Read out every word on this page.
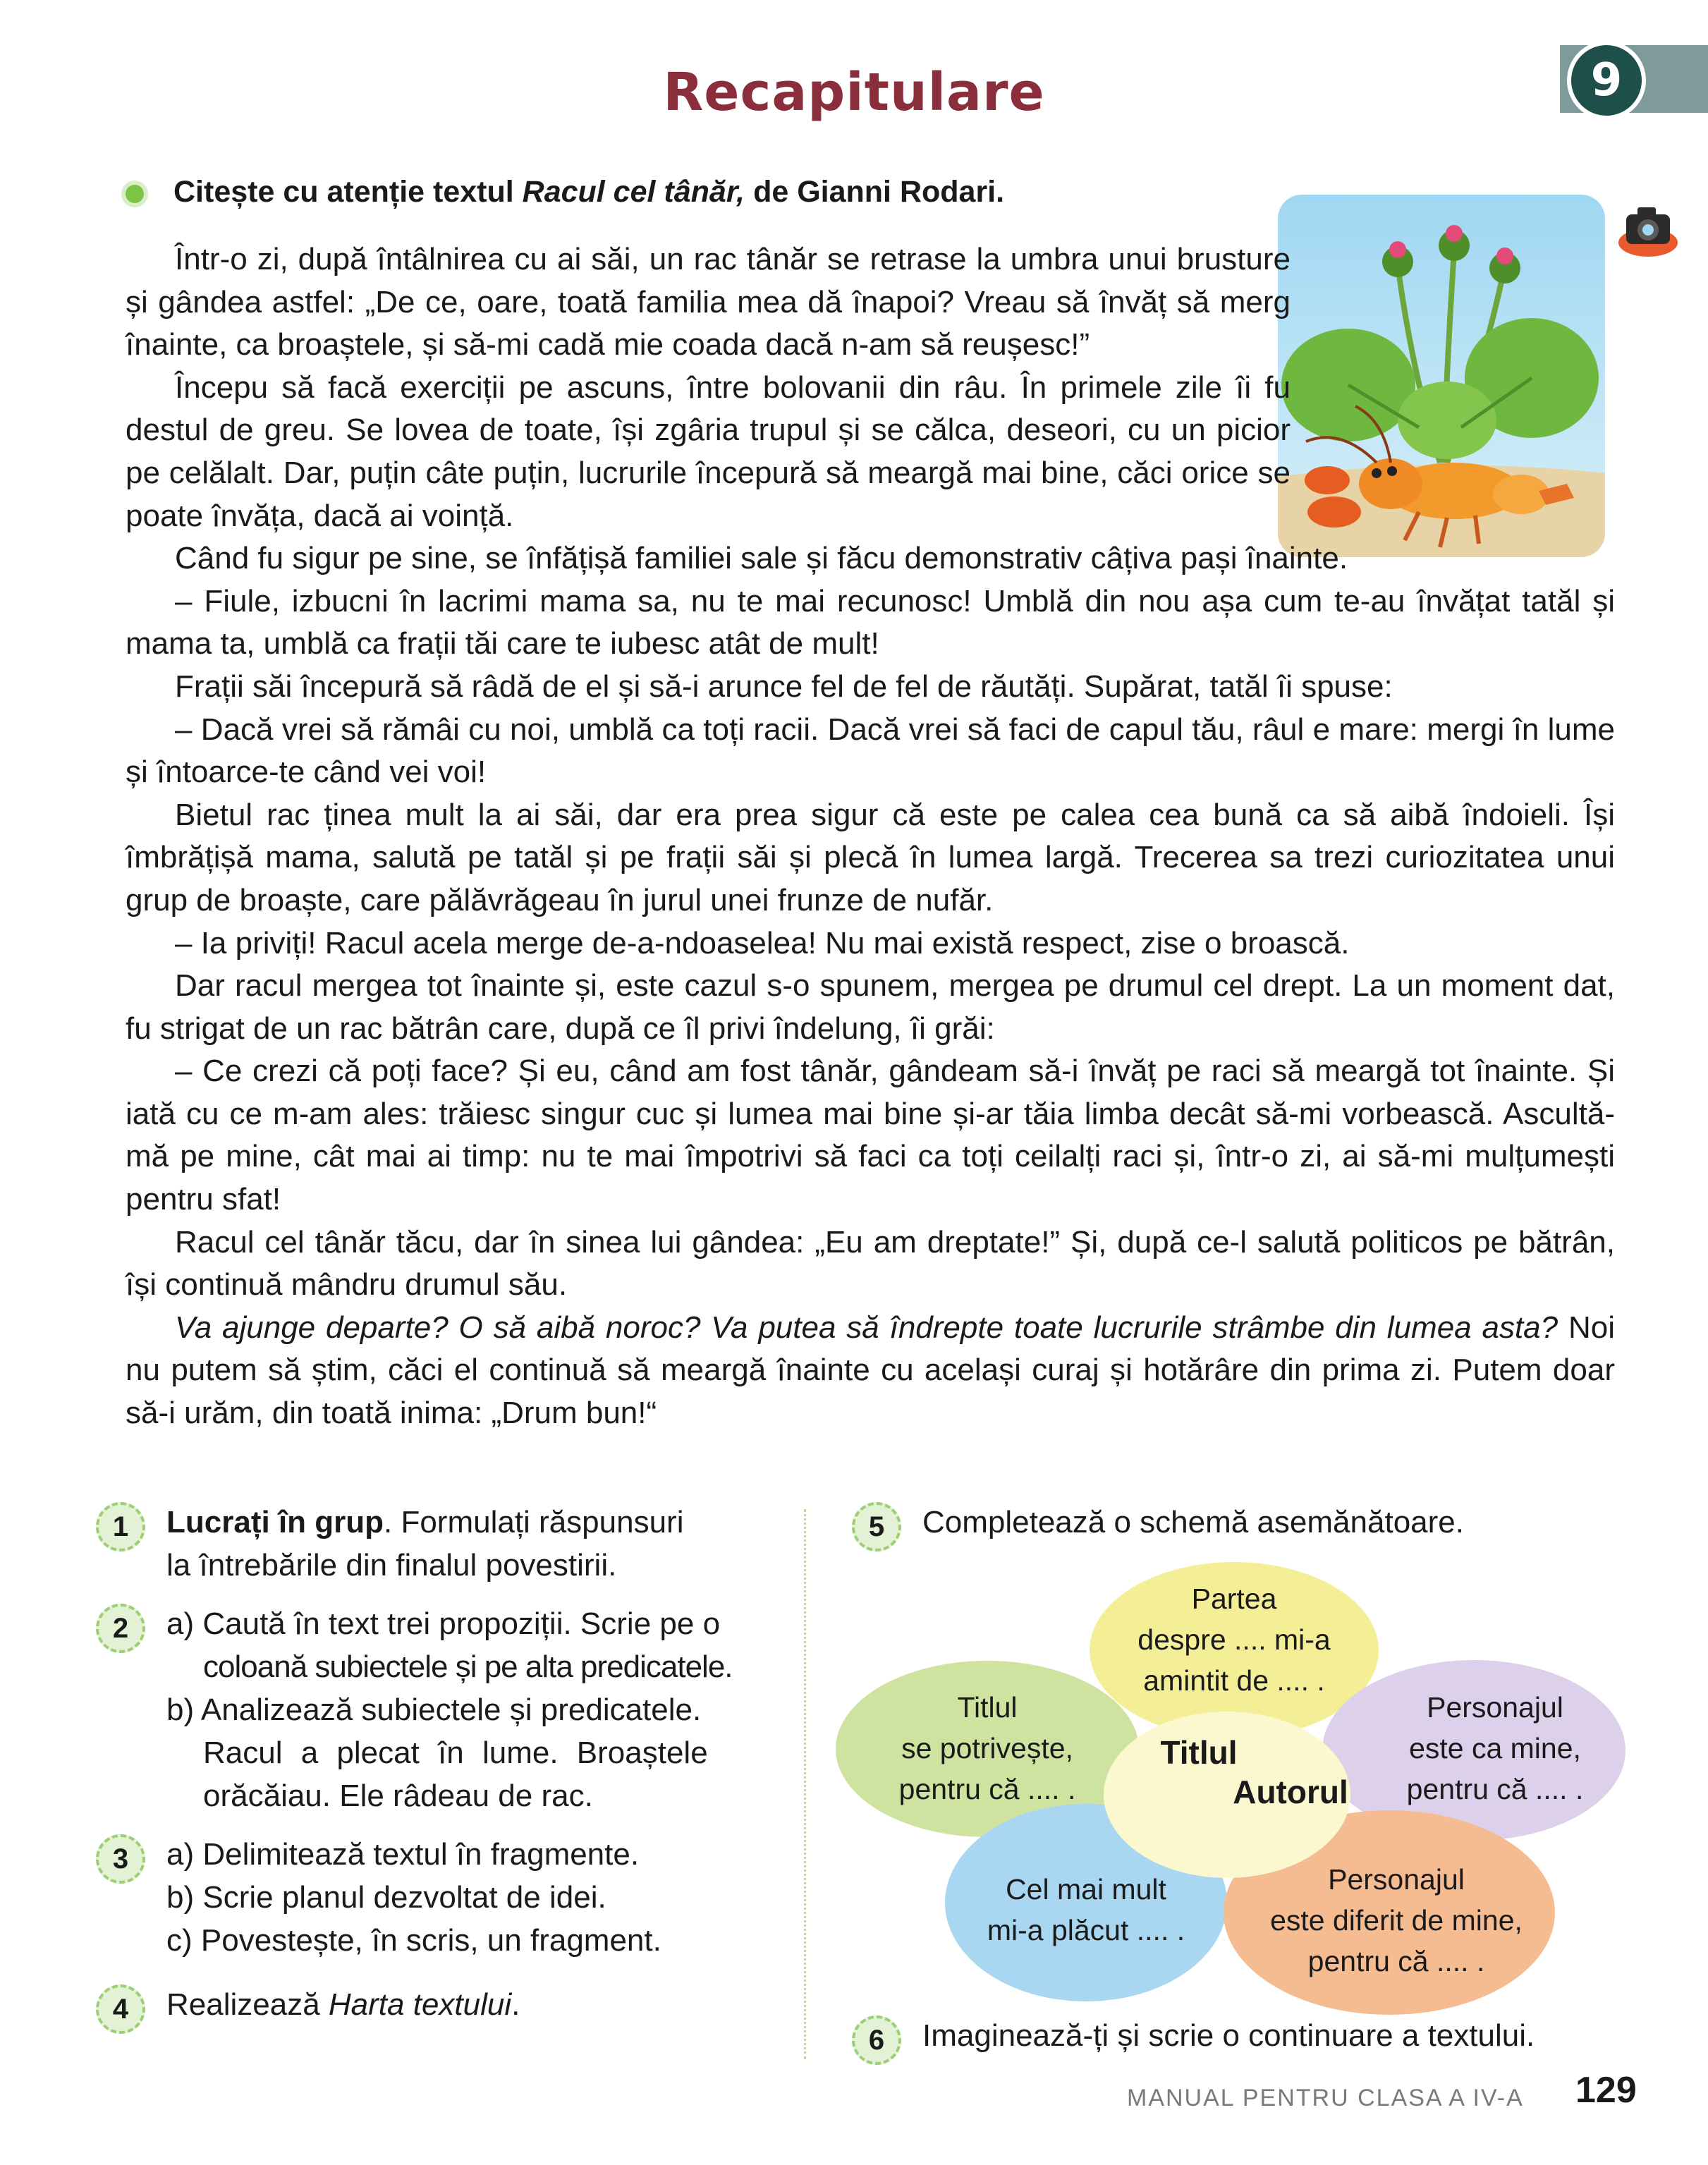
9
Recapitulare
Citește cu atenție textul Racul cel tânăr, de Gianni Rodari.

Într-o zi, după întâlnirea cu ai săi, un rac tânăr se retrase la umbra unui brusture și gândea astfel: „De ce, oare, toată familia mea dă înapoi? Vreau să învăț să merg înainte, ca broaștele, și să-mi cadă mie coada dacă n-am să reușesc!”

Începu să facă exerciții pe ascuns, între bolovanii din râu. În primele zile îi fu destul de greu. Se lovea de toate, își zgâria trupul și se călca, deseori, cu un picior pe celălalt. Dar, puțin câte puțin, lucrurile începură să meargă mai bine, căci orice se poate învăța, dacă ai voință.

Când fu sigur pe sine, se înfățișă familiei sale și făcu demonstrativ câțiva pași înainte.

– Fiule, izbucni în lacrimi mama sa, nu te mai recunosc! Umblă din nou așa cum te-au învățat tatăl și mama ta, umblă ca frații tăi care te iubesc atât de mult!

Frații săi începură să râdă de el și să-i arunce fel de fel de răutăți. Supărat, tatăl îi spuse:

– Dacă vrei să rămâi cu noi, umblă ca toți racii. Dacă vrei să faci de capul tău, râul e mare: mergi în lume și întoarce-te când vei voi!

Bietul rac ținea mult la ai săi, dar era prea sigur că este pe calea cea bună ca să aibă îndoieli. Își îmbrățișă mama, salută pe tatăl și pe frații săi și plecă în lumea largă. Trecerea sa trezi curiozitatea unui grup de broaște, care pălăvrăgeau în jurul unei frunze de nufăr.

– Ia priviți! Racul acela merge de-a-ndoaselea! Nu mai există respect, zise o broască.

Dar racul mergea tot înainte și, este cazul s-o spunem, mergea pe drumul cel drept. La un moment dat, fu strigat de un rac bătrân care, după ce îl privi îndelung, îi grăi:

– Ce crezi că poți face? Și eu, când am fost tânăr, gândeam să-i învăț pe raci să meargă tot înainte. Și iată cu ce m-am ales: trăiesc singur cuc și lumea mai bine și-ar tăia limba decât să-mi vorbească. Ascultă-mă pe mine, cât mai ai timp: nu te mai împotrivi să faci ca toți ceilalți raci și, într-o zi, ai să-mi mulțumești pentru sfat!

Racul cel tânăr tăcu, dar în sinea lui gândea: „Eu am dreptate!” Și, după ce-l salută politicos pe bătrân, își continuă mândru drumul său.

Va ajunge departe? O să aibă noroc? Va putea să îndrepte toate lucrurile strâmbe din lumea asta? Noi nu putem să știm, căci el continuă să meargă înainte cu același curaj și hotărâre din prima zi. Putem doar să-i urăm, din toată inima: „Drum bun!“

1	Lucrați în grup. Formulați răspunsuri
la întrebările din finalul povestirii.
2	a) Caută în text trei propoziții. Scrie pe o
coloană subiectele și pe alta predicatele.
b) Analizează subiectele și predicatele.
Racul a plecat în lume. Broaștele
orăcăiau. Ele râdeau de rac.
3	a) Delimitează textul în fragmente.
b) Scrie planul dezvoltat de idei.
c) Povestește, în scris, un fragment.
4	Realizează Harta textului.
5	Completează o schemă asemănătoare.
Partea
despre .... mi-a
amintit de .... .
Titlul
se potrivește,
pentru că .... .
Personajul
este ca mine,
pentru că .... .
Cel mai mult
mi-a plăcut .... .
Personajul
este diferit de mine,
pentru că .... .
Titlul
Autorul
6	Imaginează-ți și scrie o continuare a textului.
MANUAL PENTRU CLASA A IV-A 129
